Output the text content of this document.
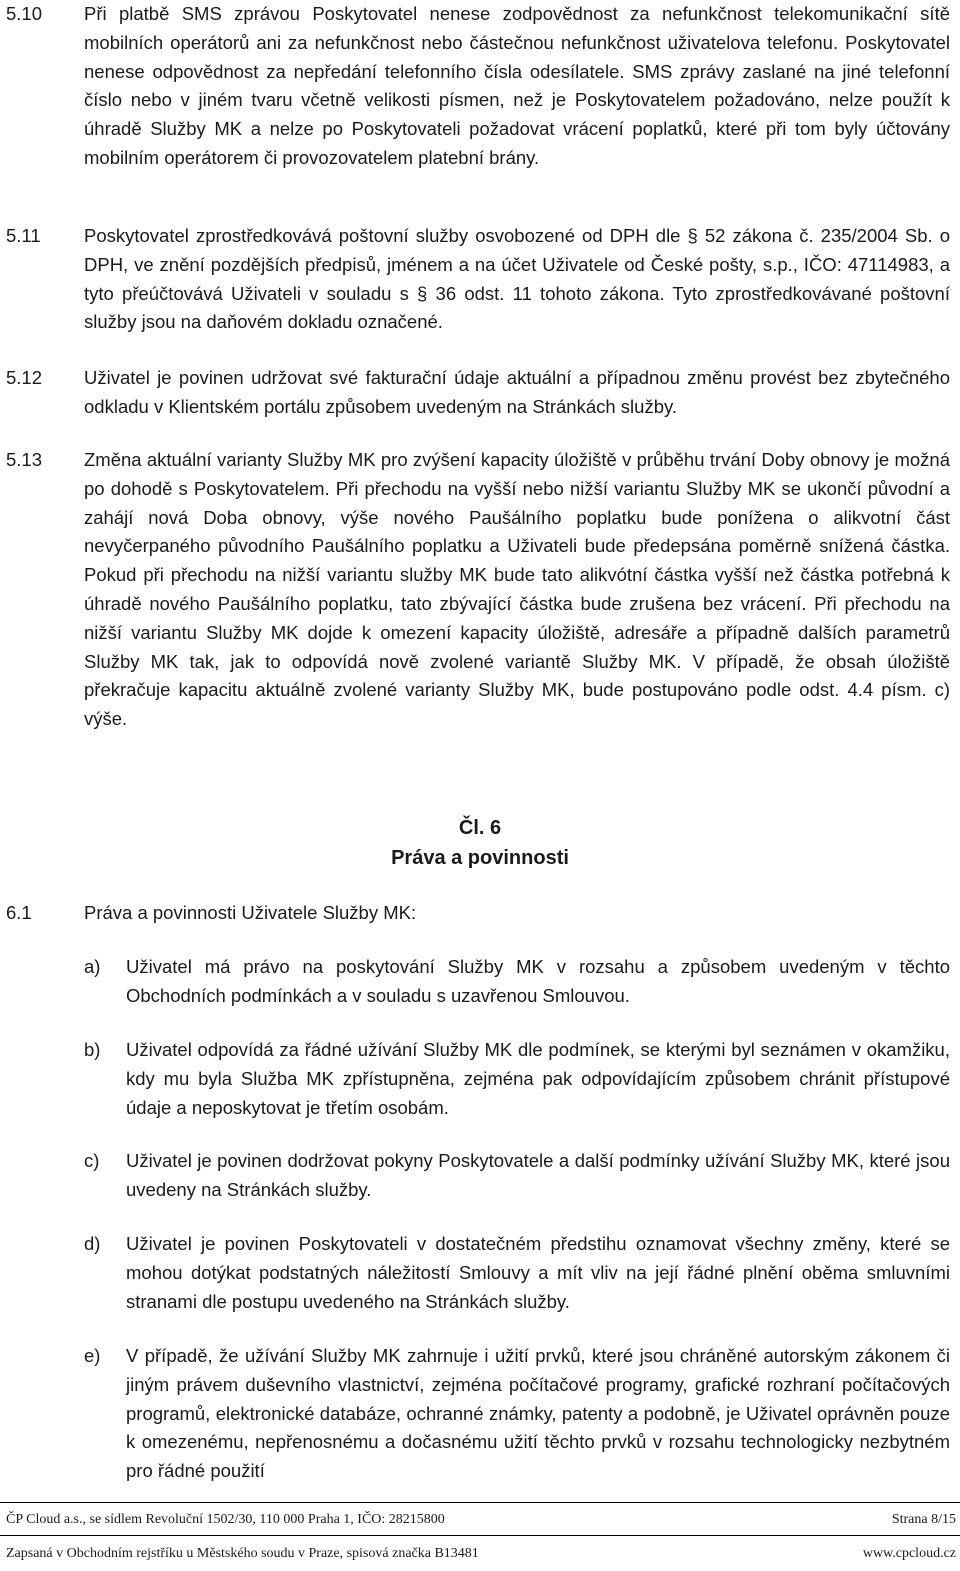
5.10 Při platbě SMS zprávou Poskytovatel nenese zodpovědnost za nefunkčnost telekomunikační sítě mobilních operátorů ani za nefunkčnost nebo částečnou nefunkčnost uživatelova telefonu. Poskytovatel nenese odpovědnost za nepředání telefonního čísla odesílatele. SMS zprávy zaslané na jiné telefonní číslo nebo v jiném tvaru včetně velikosti písmen, než je Poskytovatelem požadováno, nelze použít k úhradě Služby MK a nelze po Poskytovateli požadovat vrácení poplatků, které při tom byly účtovány mobilním operátorem či provozovatelem platební brány.
5.11 Poskytovatel zprostředkovává poštovní služby osvobozené od DPH dle § 52 zákona č. 235/2004 Sb. o DPH, ve znění pozdějších předpisů, jménem a na účet Uživatele od České pošty, s.p., IČO: 47114983, a tyto přeúčtovává Uživateli v souladu s § 36 odst. 11 tohoto zákona. Tyto zprostředkovávané poštovní služby jsou na daňovém dokladu označené.
5.12 Uživatel je povinen udržovat své fakturační údaje aktuální a případnou změnu provést bez zbytečného odkladu v Klientském portálu způsobem uvedeným na Stránkách služby.
5.13 Změna aktuální varianty Služby MK pro zvýšení kapacity úložiště v průběhu trvání Doby obnovy je možná po dohodě s Poskytovatelem. Při přechodu na vyšší nebo nižší variantu Služby MK se ukončí původní a zahájí nová Doba obnovy, výše nového Paušálního poplatku bude ponížena o alikvotní část nevyčerpaného původního Paušálního poplatku a Uživateli bude předepsána poměrně snížená částka. Pokud při přechodu na nižší variantu služby MK bude tato alikvótní částka vyšší než částka potřebná k úhradě nového Paušálního poplatku, tato zbývající částka bude zrušena bez vrácení. Při přechodu na nižší variantu Služby MK dojde k omezení kapacity úložiště, adresáře a případně dalších parametrů Služby MK tak, jak to odpovídá nově zvolené variantě Služby MK. V případě, že obsah úložiště překračuje kapacitu aktuálně zvolené varianty Služby MK, bude postupováno podle odst. 4.4 písm. c) výše.
Čl. 6
Práva a povinnosti
6.1	Práva a povinnosti Uživatele Služby MK:
a) Uživatel má právo na poskytování Služby MK v rozsahu a způsobem uvedeným v těchto Obchodních podmínkách a v souladu s uzavřenou Smlouvou.
b) Uživatel odpovídá za řádné užívání Služby MK dle podmínek, se kterými byl seznámen v okamžiku, kdy mu byla Služba MK zpřístupněna, zejména pak odpovídajícím způsobem chránit přístupové údaje a neposkytovat je třetím osobám.
c) Uživatel je povinen dodržovat pokyny Poskytovatele a další podmínky užívání Služby MK, které jsou uvedeny na Stránkách služby.
d) Uživatel je povinen Poskytovateli v dostatečném předstihu oznamovat všechny změny, které se mohou dotýkat podstatných náležitostí Smlouvy a mít vliv na její řádné plnění oběma smluvními stranami dle postupu uvedeného na Stránkách služby.
e) V případě, že užívání Služby MK zahrnuje i užití prvků, které jsou chráněné autorským zákonem či jiným právem duševního vlastnictví, zejména počítačové programy, grafické rozhraní počítačových programů, elektronické databáze, ochranné známky, patenty a podobně, je Uživatel oprávněn pouze k omezenému, nepřenosnému a dočasnému užití těchto prvků v rozsahu technologicky nezbytném pro řádné použití
ČP Cloud a.s., se sídlem Revoluční 1502/30, 110 000 Praha 1, IČO: 28215800	Strana 8/15
Zapsaná v Obchodním rejstříku u Městského soudu v Praze, spisová značka B13481	www.cpcloud.cz
